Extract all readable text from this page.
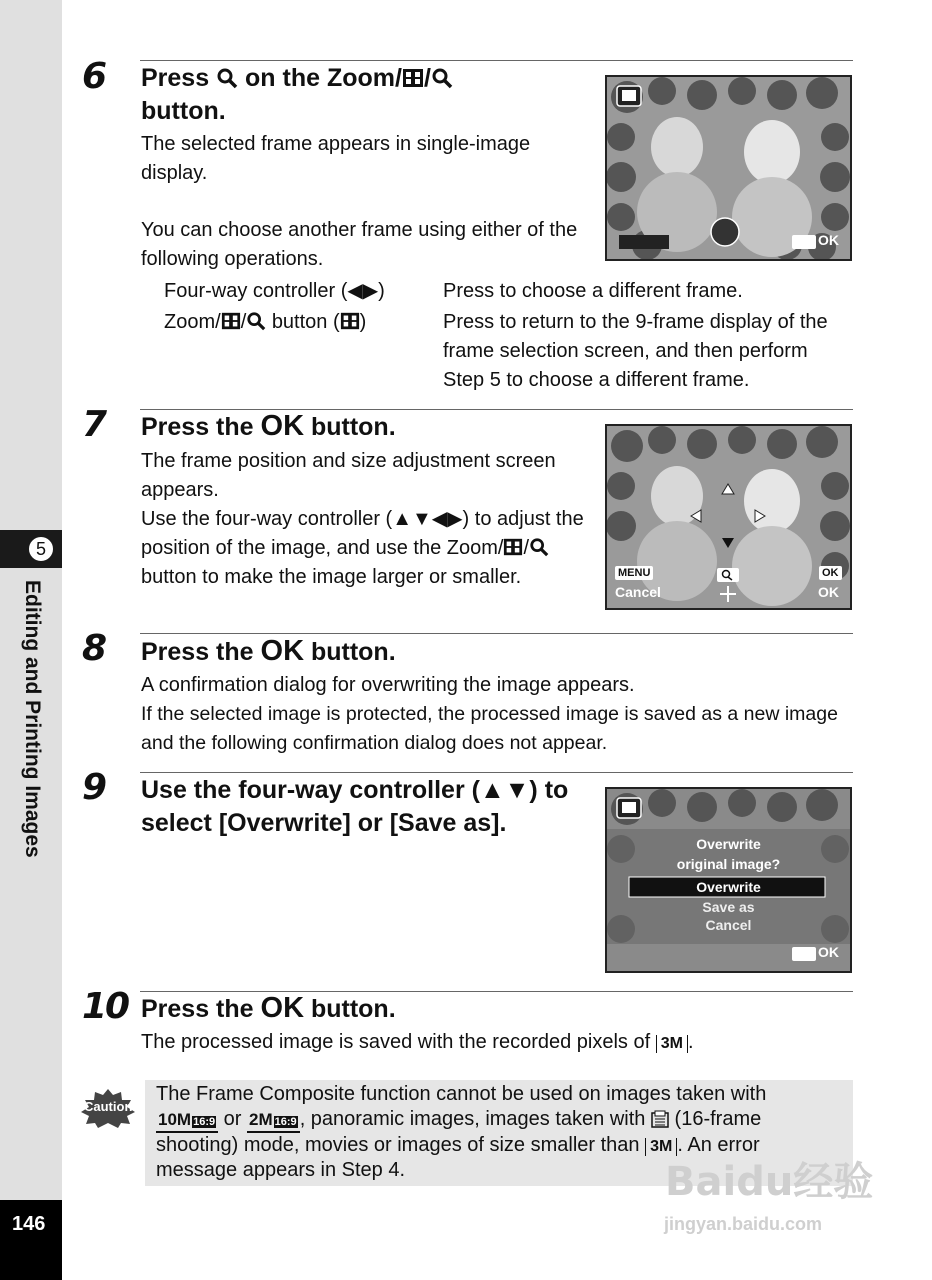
5
Editing and Printing Images
146
6 Press on the Zoom/ /
button.
The selected frame appears in single-image display.
You can choose another frame using either of the following operations.
Four-way controller (◀▶)	Press to choose a different frame.
Zoom/ / button ( )	Press to return to the 9-frame display of the frame selection screen, and then perform Step 5 to choose a different frame.
OK
7 Press the OK button.
The frame position and size adjustment screen appears.
Use the four-way controller (▲▼◀▶) to adjust the position of the image, and use the Zoom/ / button to make the image larger or smaller.	MENU	OK
Cancel	OK
8 Press the OK button.
A confirmation dialog for overwriting the image appears.
If the selected image is protected, the processed image is saved as a new image and the following confirmation dialog does not appear.
9 Use the four-way controller (▲▼) to select [Overwrite] or [Save as].
Overwrite
original image?
Overwrite
Save as
Cancel
OK
10 Press the OK button.
The processed image is saved with the recorded pixels of 3M .
Caution
The Frame Composite function cannot be used on images taken with
10M 16:9 or 2M 16:9 , panoramic images, images taken with (16-frame
shooting) mode, movies or images of size smaller than 3M . An error
message appears in Step 4.	Baidu经验
jingyan.baidu.com
